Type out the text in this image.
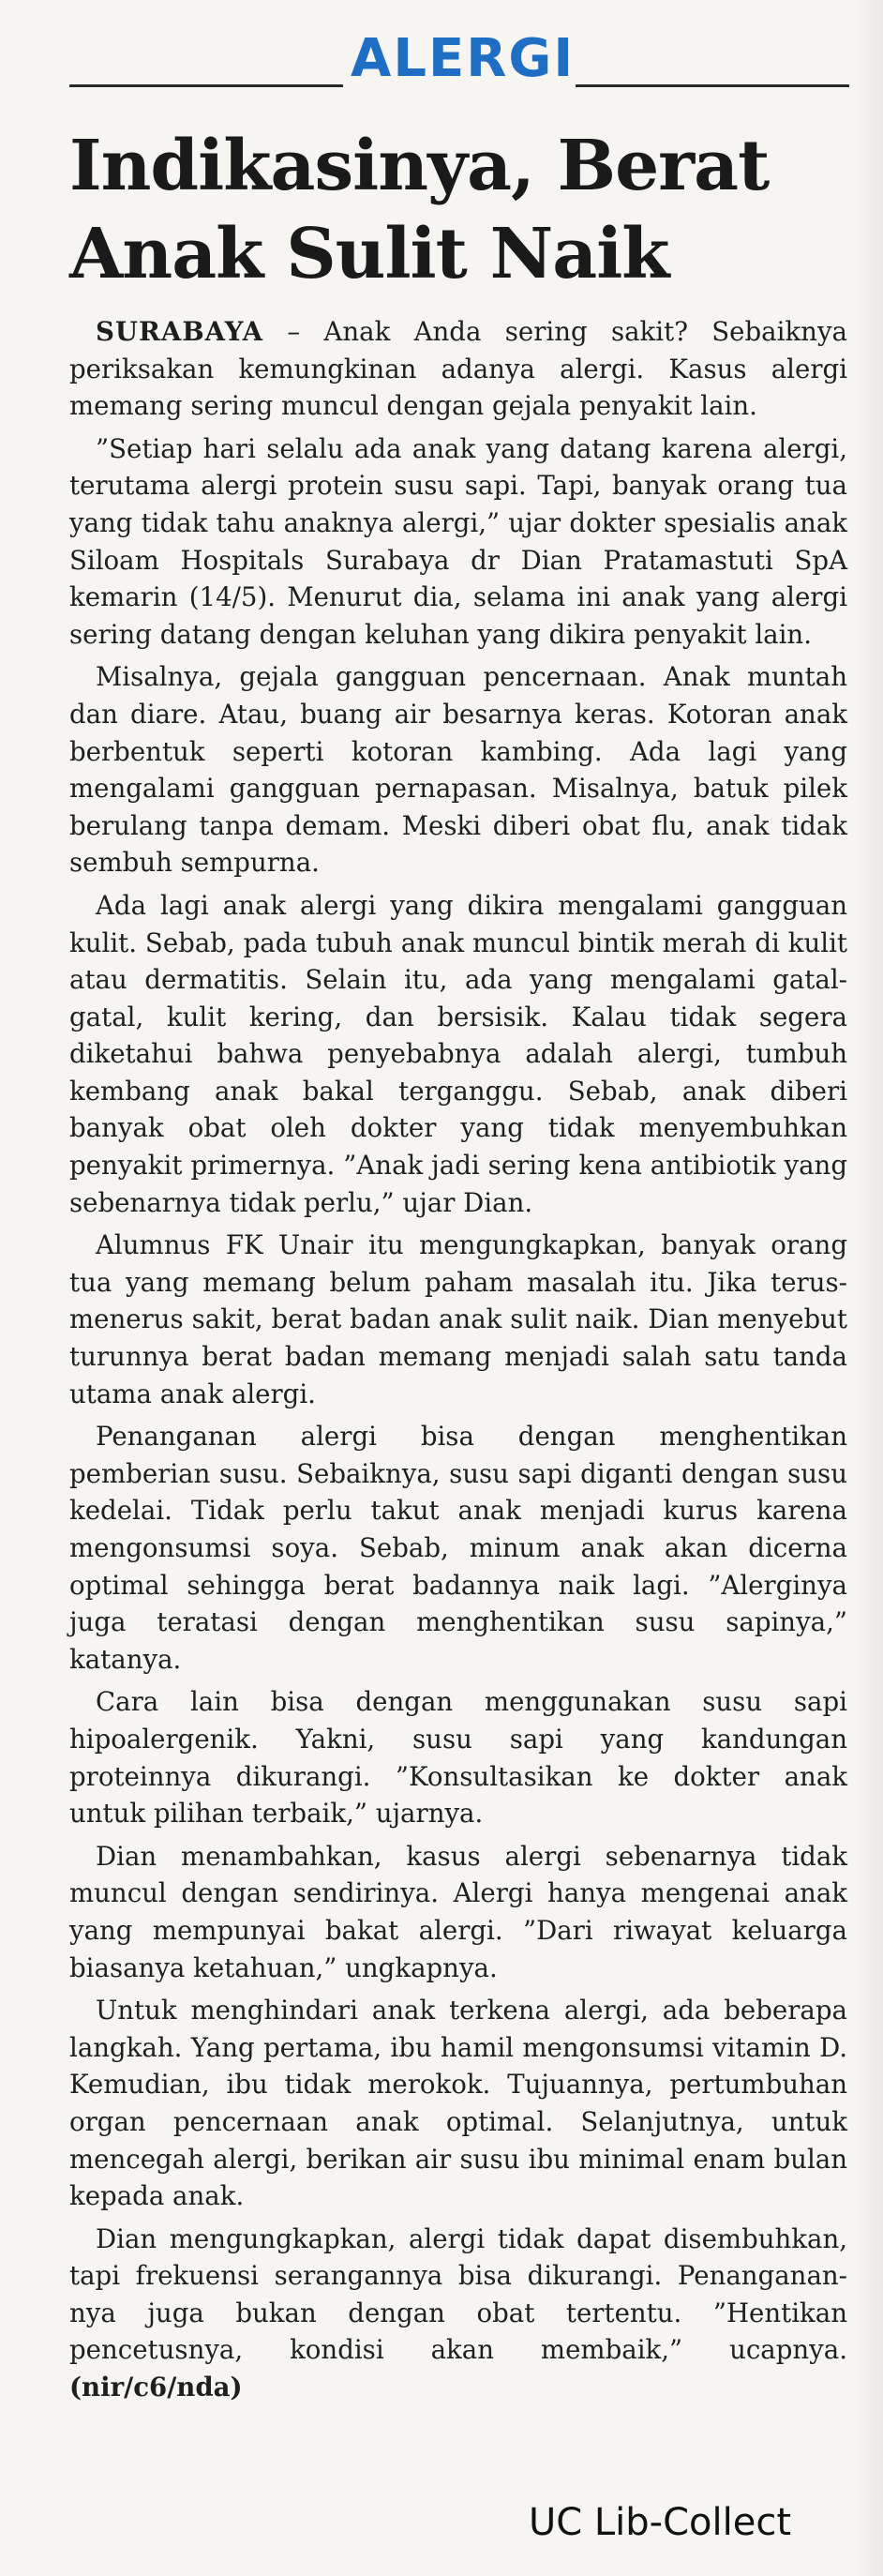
ALERGI
Indikasinya, Berat
Anak Sulit Naik

SURABAYA – Anak Anda sering sakit? Sebaiknya periksakan kemungkinan adanya alergi. Kasus alergi memang sering muncul dengan gejala penyakit lain.

”Setiap hari selalu ada anak yang datang karena alergi, terutama alergi protein susu sapi. Tapi, banyak orang tua yang tidak tahu anaknya alergi,” ujar dokter spesialis anak Siloam Hospitals Surabaya dr Dian Pratamastuti SpA kemarin (14/5). Menurut dia, selama ini anak yang alergi sering datang dengan keluhan yang dikira penyakit lain.

Misalnya, gejala gangguan pencernaan. Anak muntah dan diare. Atau, buang air besarnya keras. Kotoran anak berbentuk seperti kotoran kambing. Ada lagi yang mengalami gangguan pernapasan. Misalnya, batuk pilek berulang tanpa demam. Meski diberi obat flu, anak tidak sembuh sempurna.

Ada lagi anak alergi yang dikira mengalami gangguan kulit. Sebab, pada tubuh anak muncul bintik merah di kulit atau dermatitis. Selain itu, ada yang mengalami gatal-gatal, kulit kering, dan bersisik. Kalau tidak segera diketahui bahwa penyebabnya adalah alergi, tumbuh kembang anak bakal terganggu. Sebab, anak diberi banyak obat oleh dokter yang tidak menyembuhkan penyakit primernya. ”Anak jadi sering kena antibiotik yang sebenarnya tidak perlu,” ujar Dian.

Alumnus FK Unair itu mengungkapkan, banyak orang tua yang memang belum paham masalah itu. Jika terus-menerus sakit, berat badan anak sulit naik. Dian menyebut turunnya berat badan memang menjadi salah satu tanda utama anak alergi.

Penanganan alergi bisa dengan menghentikan pemberian susu. Sebaiknya, susu sapi diganti dengan susu kedelai. Tidak perlu takut anak menjadi kurus karena mengonsumsi soya. Sebab, minum anak akan dicerna optimal sehingga berat badannya naik lagi. ”Alerginya juga teratasi dengan menghentikan susu sapinya,” katanya.

Cara lain bisa dengan menggunakan susu sapi hipoalergenik. Yakni, susu sapi yang kandungan proteinnya dikurangi. ”Konsultasikan ke dokter anak untuk pilihan terbaik,” ujarnya.

Dian menambahkan, kasus alergi sebenarnya tidak muncul dengan sendirinya. Alergi hanya mengenai anak yang mempunyai bakat alergi. ”Dari riwayat keluarga biasanya ketahuan,” ungkapnya.

Untuk menghindari anak terkena alergi, ada beberapa langkah. Yang pertama, ibu hamil mengonsumsi vitamin D. Kemudian, ibu tidak merokok. Tujuannya, pertumbuhan organ pencernaan anak optimal. Selanjutnya, untuk mencegah alergi, berikan air susu ibu minimal enam bulan kepada anak.

Dian mengungkapkan, alergi tidak dapat disembuhkan, tapi frekuensi serangannya bisa dikurangi. Penanganan-nya juga bukan dengan obat tertentu. ”Hentikan pencetusnya, kondisi akan membaik,” ucapnya. (nir/c6/nda)

UC Lib-Collect
